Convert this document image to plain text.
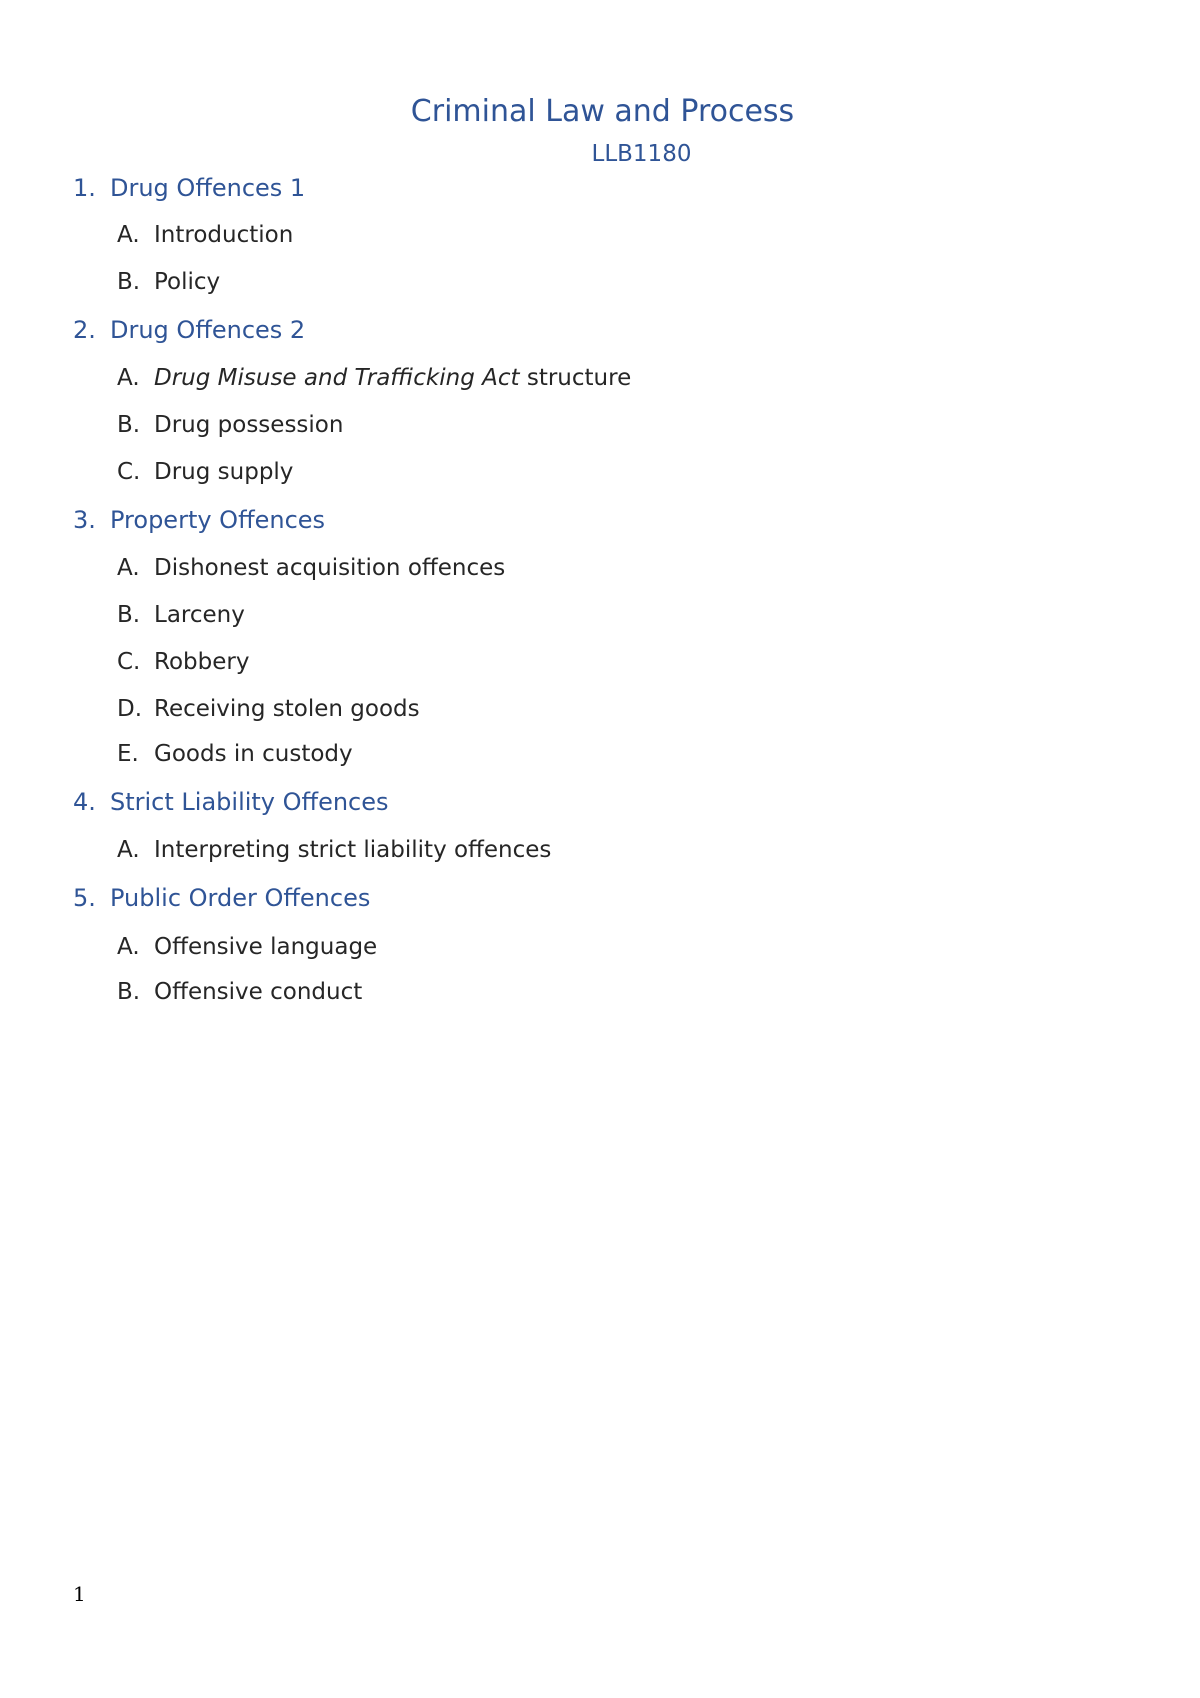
Criminal Law and Process
LLB1180
1. Drug Offences 1
A. Introduction
B. Policy
2. Drug Offences 2
A. Drug Misuse and Trafficking Act structure
B. Drug possession
C. Drug supply
3. Property Offences
A. Dishonest acquisition offences
B. Larceny
C. Robbery
D. Receiving stolen goods
E. Goods in custody
4. Strict Liability Offences
A. Interpreting strict liability offences
5. Public Order Offences
A. Offensive language
B. Offensive conduct
1
